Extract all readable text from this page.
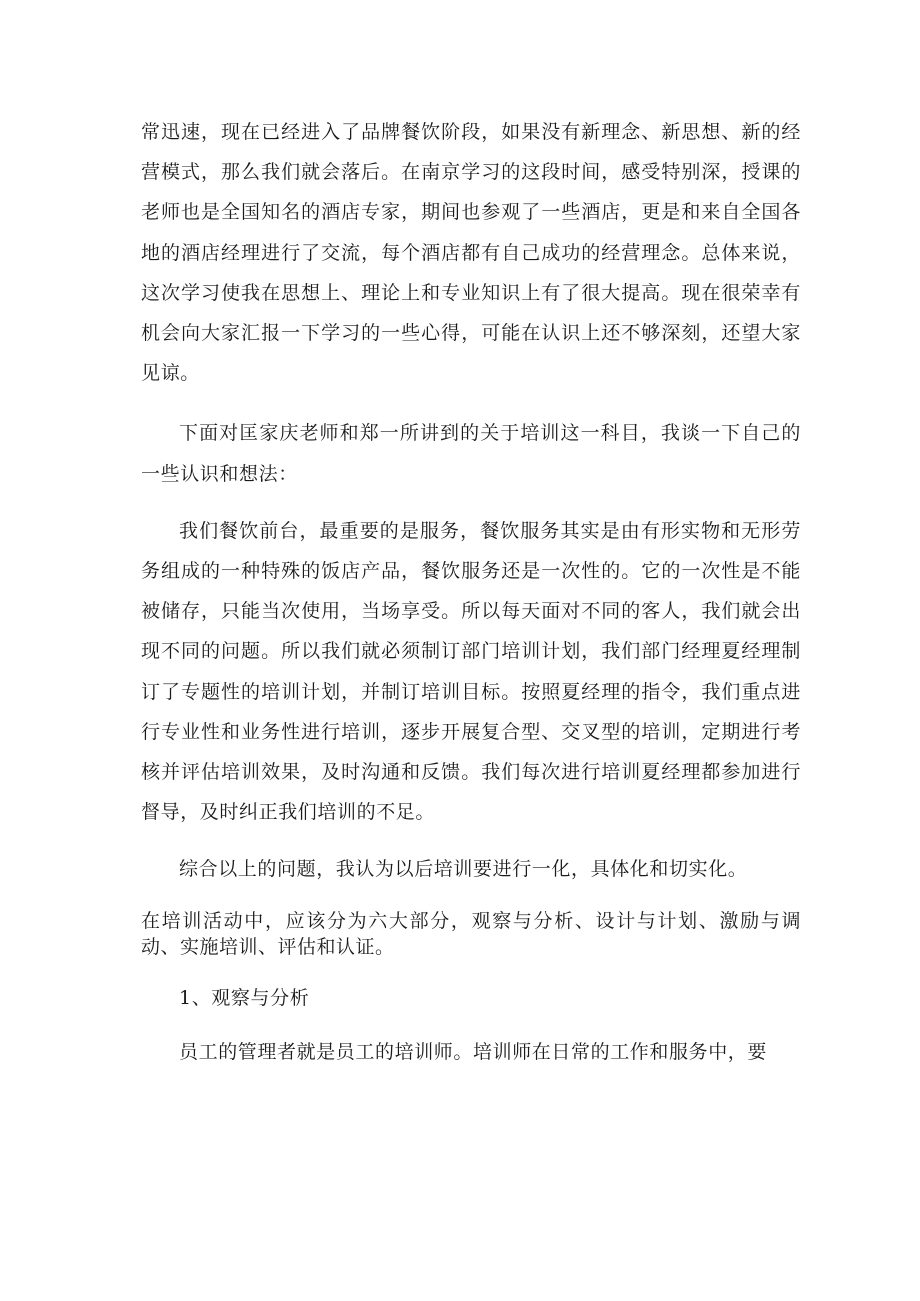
常迅速，现在已经进入了品牌餐饮阶段，如果没有新理念、新思想、新的经营模式，那么我们就会落后。在南京学习的这段时间，感受特别深，授课的老师也是全国知名的酒店专家，期间也参观了一些酒店，更是和来自全国各地的酒店经理进行了交流，每个酒店都有自己成功的经营理念。总体来说，这次学习使我在思想上、理论上和专业知识上有了很大提高。现在很荣幸有机会向大家汇报一下学习的一些心得，可能在认识上还不够深刻，还望大家见谅。

下面对匡家庆老师和郑一所讲到的关于培训这一科目，我谈一下自己的一些认识和想法：

我们餐饮前台，最重要的是服务，餐饮服务其实是由有形实物和无形劳务组成的一种特殊的饭店产品，餐饮服务还是一次性的。它的一次性是不能被储存，只能当次使用，当场享受。所以每天面对不同的客人，我们就会出现不同的问题。所以我们就必须制订部门培训计划，我们部门经理夏经理制订了专题性的培训计划，并制订培训目标。按照夏经理的指令，我们重点进行专业性和业务性进行培训，逐步开展复合型、交叉型的培训，定期进行考核并评估培训效果，及时沟通和反馈。我们每次进行培训夏经理都参加进行督导，及时纠正我们培训的不足。

综合以上的问题，我认为以后培训要进行一化，具体化和切实化。

在培训活动中，应该分为六大部分，观察与分析、设计与计划、激励与调动、实施培训、评估和认证。

1、观察与分析

员工的管理者就是员工的培训师。培训师在日常的工作和服务中，要
